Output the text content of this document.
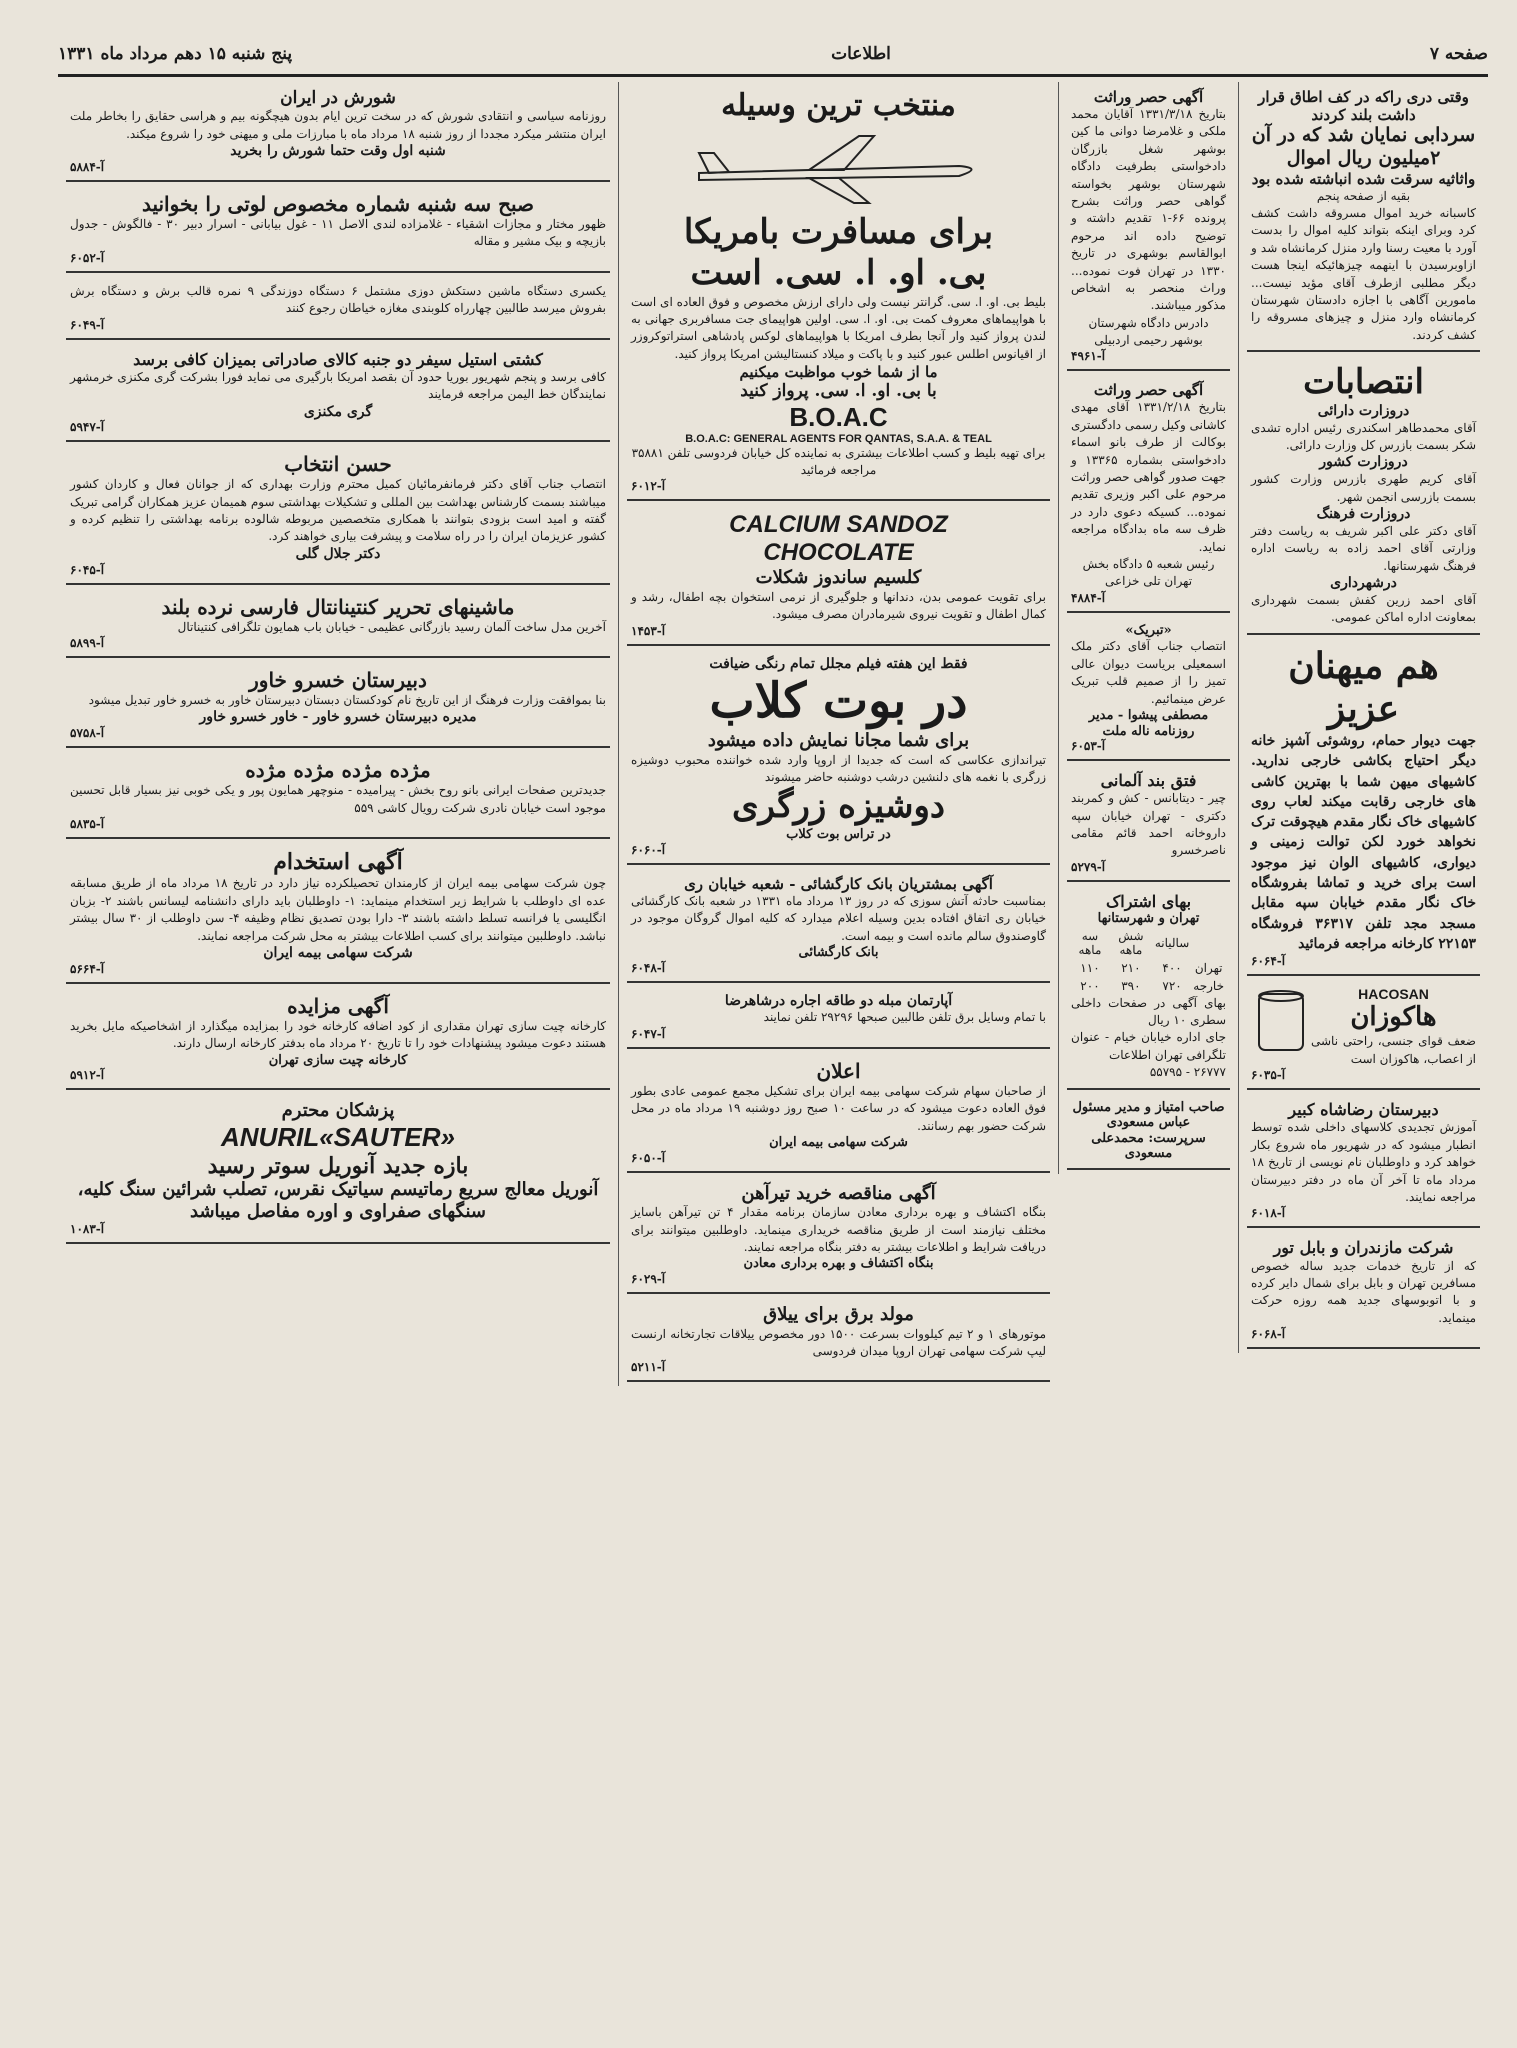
صفحه ۷
اطلاعات
پنج شنبه ۱۵ دهم مرداد ماه ۱۳۳۱
وقتی دری راکه در کف اطاق قرار داشت بلند کردند
سردابی نمایان شد که در آن ۲میلیون ریال اموال
واثاثیه سرقت شده انباشته شده بود
بقیه از صفحه پنجم
کاسبانه خرید اموال مسروقه داشت کشف کرد وبرای اینکه بتواند کلیه اموال را بدست آورد با معیت رسنا وارد منزل کرمانشاه شد و ازاوبرسیدن با اینهمه چیزهائیکه اینجا هست دیگر مطلبی ازطرف آقای مؤید نیست... مامورین آگاهی با اجازه دادستان شهرستان کرمانشاه وارد منزل و چیزهای مسروقه را کشف کردند.
انتصابات
دروزارت دارائی
آقای محمدطاهر اسکندری رئیس اداره تشدی شکر بسمت بازرس کل وزارت دارائی.
دروزارت کشور
آقای کریم طهری بازرس وزارت کشور بسمت بازرسی انجمن شهر.
دروزارت فرهنگ
آقای دکتر علی اکبر شریف به ریاست دفتر وزارتی آقای احمد زاده به ریاست اداره فرهنگ شهرستانها.
درشهرداری
آقای احمد زرین کفش بسمت شهرداری بمعاونت اداره اماکن عمومی.
هم میهنان عزیز
جهت دیوار حمام، روشوئی آشپز خانه دیگر احتیاج بکاشی خارجی ندارید. کاشیهای میهن شما با بهترین کاشی های خارجی رقابت میکند لعاب روی کاشیهای خاک نگار مقدم هیچوقت ترک نخواهد خورد لکن توالت زمینی و دیواری، کاشیهای الوان نیز موجود است برای خرید و تماشا بفروشگاه خاک نگار مقدم خیابان سپه مقابل مسجد مجد تلفن ۳۶۳۱۷ فروشگاه ۲۲۱۵۳ کارخانه مراجعه فرمائید
آ-۶۰۶۴
HACOSAN
هاکوزان
ضعف قوای جنسی، راحتی ناشی از اعصاب، هاکوزان است
آ-۶۰۳۵
دبیرستان رضاشاه کبیر
آموزش تجدیدی کلاسهای داخلی شده توسط انطبار میشود که در شهریور ماه شروع بکار خواهد کرد و داوطلبان نام نویسی از تاریخ ۱۸ مرداد ماه تا آخر آن ماه در دفتر دبیرستان مراجعه نمایند.
آ-۶۰۱۸
شرکت مازندران و بابل تور
که از تاریخ خدمات جدید ساله خصوص مسافرین تهران و بابل برای شمال دایر کرده و با اتوبوسهای جدید همه روزه حرکت مینماید.
آ-۶۰۶۸
آگهی حصر وراثت
بتاریخ ۱۳۳۱/۳/۱۸ آقایان محمد ملکی و غلامرضا دوانی ما کین بوشهر شغل بازرگان دادخواستی بطرفیت دادگاه شهرستان بوشهر بخواسته گواهی حصر وراثت بشرح پرونده ۶۶-۱ تقدیم داشته و توضیح داده اند مرحوم ابوالقاسم بوشهری در تاریخ ۱۳۳۰ در تهران فوت نموده... وراث منحصر به اشخاص مذکور میباشند.
دادرس دادگاه شهرستان بوشهر رحیمی اردبیلی
آ-۴۹۶۱
آگهی حصر وراثت
بتاریخ ۱۳۳۱/۲/۱۸ آقای مهدی کاشانی وکیل رسمی دادگستری بوکالت از طرف بانو اسماء دادخواستی بشماره ۱۳۳۶۵ و جهت صدور گواهی حصر وراثت مرحوم علی اکبر وزیری تقدیم نموده... کسیکه دعوی دارد در ظرف سه ماه بدادگاه مراجعه نماید.
رئیس شعبه ۵ دادگاه بخش تهران تلی خزاعی
آ-۴۸۸۴
«تبریک»
انتصاب جناب آقای دکتر ملک اسمعیلی بریاست دیوان عالی تمیز را از صمیم قلب تبریک عرض مینمائیم.
مصطفی پیشوا - مدیر روزنامه ناله ملت
آ-۶۰۵۳
فتق بند آلمانی
چیر - دیتابانس - کش و کمربند دکتری - تهران خیابان سپه داروخانه احمد قائم مقامی ناصرخسرو
آ-۵۲۷۹
بهای اشتراک
تهران و شهرستانها
	سالیانه	شش ماهه	سه ماهه
تهران	۴۰۰	۲۱۰	۱۱۰
خارجه	۷۲۰	۳۹۰	۲۰۰
بهای آگهی در صفحات داخلی سطری ۱۰ ریال
جای اداره خیابان خیام - عنوان تلگرافی تهران اطلاعات
۲۶۷۷۷ - ۵۵۷۹۵
صاحب امتیاز و مدیر مسئول عباس مسعودی
سرپرست: محمدعلی مسعودی
منتخب ترین وسیله
برای مسافرت بامریکا
بی. او. ا. سی. است
بلیط بی. او. ا. سی. گرانتر نیست ولی دارای ارزش مخصوص و فوق العاده ای است با هواپیماهای معروف کمت بی. او. ا. سی. اولین هواپیمای جت مسافربری جهانی به لندن پرواز کنید وار آنجا بطرف امریکا با هواپیماهای لوکس پادشاهی استراتوکروزر از اقیانوس اطلس عبور کنید و با پاکت و میلاد کنستالیشن امریکا پرواز کنید.
ما از شما خوب مواظبت میکنیم
با بی. او. ا. سی. پرواز کنید
B.O.A.C
B.O.A.C: GENERAL AGENTS FOR QANTAS, S.A.A. & TEAL
برای تهیه بلیط و کسب اطلاعات بیشتری به نماینده کل خیابان فردوسی تلفن ۳۵۸۸۱ مراجعه فرمائید
آ-۶۰۱۲
CALCIUM SANDOZ
CHOCOLATE
کلسیم ساندوز شکلات
برای تقویت عمومی بدن، دندانها و جلوگیری از نرمی استخوان بچه اطفال، رشد و کمال اطفال و تقویت نیروی شیرمادران مصرف میشود.
آ-۱۴۵۳
فقط این هفته فیلم مجلل تمام رنگی ضیافت
در بوت کلاب
برای شما مجانا نمایش داده میشود
تیراندازی عکاسی که است که جدیدا از اروپا وارد شده خواننده محبوب دوشیزه زرگری با نغمه های دلنشین درشب دوشنبه حاضر میشوند
دوشیزه زرگری
در تراس بوت کلاب
آ-۶۰۶۰
آگهی بمشتریان بانک کارگشائی - شعبه خیابان ری
بمناسبت حادثه آتش سوزی که در روز ۱۳ مرداد ماه ۱۳۳۱ در شعبه بانک کارگشائی خیابان ری اتفاق افتاده بدین وسیله اعلام میدارد که کلیه اموال گروگان موجود در گاوصندوق سالم مانده است و بیمه است.
بانک کارگشائی
آ-۶۰۴۸
آپارتمان مبله دو طاقه اجاره درشاهرضا
با تمام وسایل برق تلفن طالبین صبحها ۲۹۲۹۶ تلفن نمایند
آ-۶۰۴۷
اعلان
از صاحبان سهام شرکت سهامی بیمه ایران برای تشکیل مجمع عمومی عادی بطور فوق العاده دعوت میشود که در ساعت ۱۰ صبح روز دوشنبه ۱۹ مرداد ماه در محل شرکت حضور بهم رسانند.
شرکت سهامی بیمه ایران
آ-۶۰۵۰
آگهی مناقصه خرید تیرآهن
بنگاه اکتشاف و بهره برداری معادن سازمان برنامه مقدار ۴ تن تیرآهن باسایز مختلف نیازمند است از طریق مناقصه خریداری مینماید. داوطلبین میتوانند برای دریافت شرایط و اطلاعات بیشتر به دفتر بنگاه مراجعه نمایند.
بنگاه اکتشاف و بهره برداری معادن
آ-۶۰۲۹
مولد برق برای ییلاق
موتورهای ۱ و ۲ تیم کیلووات بسرعت ۱۵۰۰ دور مخصوص ییلاقات تجارتخانه ارنست لیپ شرکت سهامی تهران اروپا میدان فردوسی
آ-۵۲۱۱
شورش در ایران
روزنامه سیاسی و انتقادی شورش که در سخت ترین ایام بدون هیچگونه بیم و هراسی حقایق را بخاطر ملت ایران منتشر میکرد مجددا از روز شنبه ۱۸ مرداد ماه با مبارزات ملی و میهنی خود را شروع میکند.
شنبه اول وقت حتما شورش را بخرید
آ-۵۸۸۴
صبح سه شنبه شماره مخصوص لوتی را بخوانید
ظهور مختار و مجازات اشقیاء - غلامزاده لندی الاصل ۱۱ - غول بیابانی - اسرار دبیر ۳۰ - فالگوش - جدول بازیچه و بیک مشیر و مقاله
آ-۶۰۵۲
یکسری دستگاه ماشین دستکش دوزی مشتمل ۶ دستگاه دوزندگی ۹ نمره قالب برش و دستگاه برش بفروش میرسد طالبین چهارراه کلوبندی مغازه خیاطان رجوع کنند
آ-۶۰۴۹
کشتی استیل سیفر دو جنبه کالای صادراتی بمیزان کافی برسد
کافی برسد و پنجم شهریور بوریا حدود آن بقصد امریکا بارگیری می نماید فورا بشرکت گری مکنزی خرمشهر نمایندگان خط الیمن مراجعه فرمایند
گری مکنزی
آ-۵۹۴۷
حسن انتخاب
انتصاب جناب آقای دکتر فرمانفرمائیان کمیل محترم وزارت بهداری که از جوانان فعال و کاردان کشور میباشند بسمت کارشناس بهداشت بین المللی و تشکیلات بهداشتی سوم همیمان عزیز همکاران گرامی تبریک گفته و امید است بزودی بتوانند با همکاری متخصصین مربوطه شالوده برنامه بهداشتی را تنظیم کرده و کشور عزیزمان ایران را در راه سلامت و پیشرفت بیاری خواهند کرد.
دکتر جلال گلی
آ-۶۰۴۵
ماشینهای تحریر کنتینانتال فارسی نرده بلند
آخرین مدل ساخت آلمان رسید بازرگانی عظیمی - خیابان باب همایون تلگرافی کنتیناتال
آ-۵۸۹۹
دبیرستان خسرو خاور
بنا بموافقت وزارت فرهنگ از این تاریخ نام کودکستان دبستان دبیرستان خاور به خسرو خاور تبدیل میشود
مدیره دبیرستان خسرو خاور - خاور خسرو خاور
آ-۵۷۵۸
مژده مژده مژده مژده
جدیدترین صفحات ایرانی بانو روح بخش - پیرامیده - منوچهر همایون پور و یکی خوبی نیز بسیار قابل تحسین موجود است خیابان نادری شرکت رویال کاشی ۵۵۹
آ-۵۸۳۵
آگهی استخدام
چون شرکت سهامی بیمه ایران از کارمندان تحصیلکرده نیاز دارد در تاریخ ۱۸ مرداد ماه از طریق مسابقه عده ای داوطلب با شرایط زیر استخدام مینماید: ۱- داوطلبان باید دارای دانشنامه لیسانس باشند ۲- بزبان انگلیسی یا فرانسه تسلط داشته باشند ۳- دارا بودن تصدیق نظام وظیفه ۴- سن داوطلب از ۳۰ سال بیشتر نباشد. داوطلبین میتوانند برای کسب اطلاعات بیشتر به محل شرکت مراجعه نمایند.
شرکت سهامی بیمه ایران
آ-۵۶۶۴
آگهی مزایده
کارخانه چیت سازی تهران مقداری از کود اضافه کارخانه خود را بمزایده میگذارد از اشخاصیکه مایل بخرید هستند دعوت میشود پیشنهادات خود را تا تاریخ ۲۰ مرداد ماه بدفتر کارخانه ارسال دارند.
کارخانه چیت سازی تهران
آ-۵۹۱۲
پزشکان محترم
ANURIL«SAUTER»
بازه جدید آنوریل سوتر رسید
آنوریل معالج سریع رماتیسم سیاتیک نقرس، تصلب شرائین سنگ کلیه، سنگهای صفراوی و اوره مفاصل میباشد
آ-۱۰۸۳
